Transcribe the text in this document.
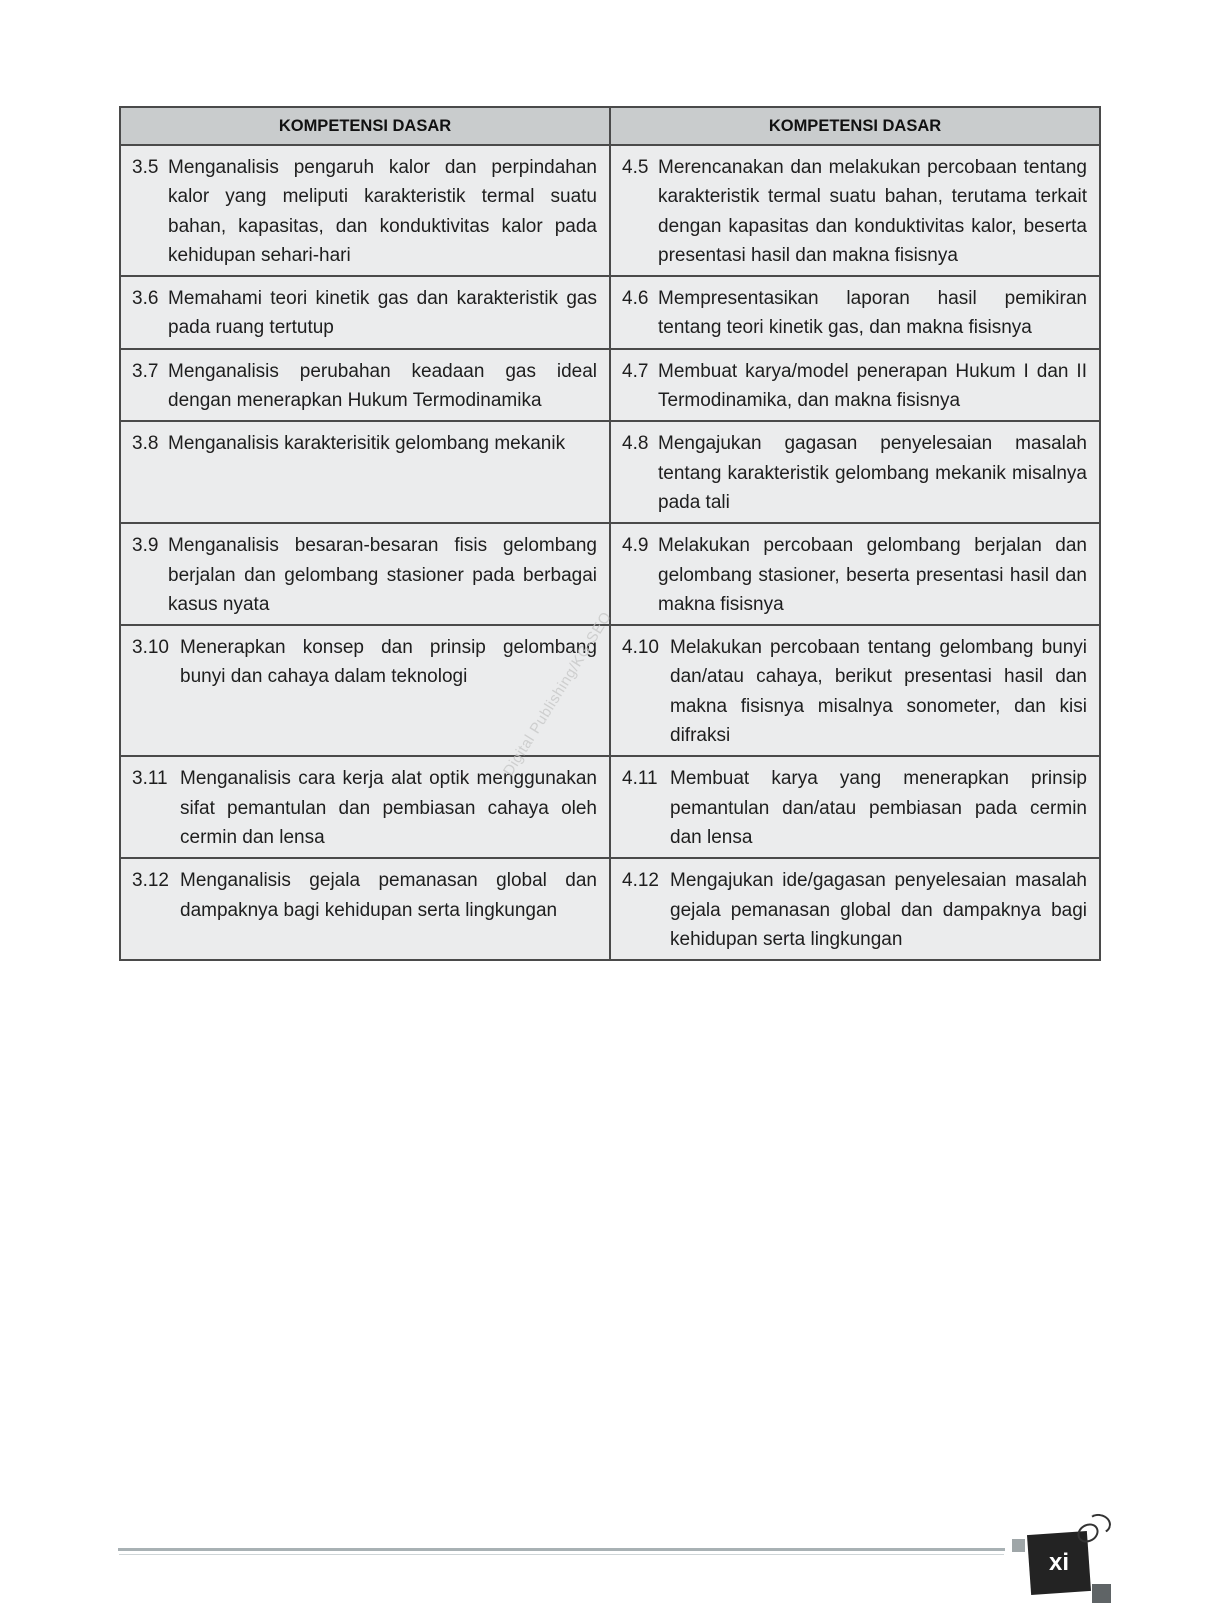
KOMPETENSI DASAR	KOMPETENSI DASAR

3.5 Menganalisis pengaruh kalor dan perpindahan kalor yang meliputi karakteristik termal suatu bahan, kapasitas, dan konduktivitas kalor pada kehidupan sehari-hari	4.5 Merencanakan dan melakukan percobaan tentang karakteristik termal suatu bahan, terutama terkait dengan kapasitas dan konduktivitas kalor, beserta presentasi hasil dan makna fisisnya

3.6 Memahami teori kinetik gas dan karakteristik gas pada ruang tertutup	4.6 Mempresentasikan laporan hasil pemikiran tentang teori kinetik gas, dan makna fisisnya

3.7 Menganalisis perubahan keadaan gas ideal dengan menerapkan Hukum Termodinamika	4.7 Membuat karya/model penerapan Hukum I dan II Termodinamika, dan makna fisisnya

3.8 Menganalisis karakterisitik gelombang mekanik	4.8 Mengajukan gagasan penyelesaian masalah tentang karakteristik gelombang mekanik misalnya pada tali

3.9 Menganalisis besaran-besaran fisis gelombang berjalan dan gelombang stasioner pada berbagai kasus nyata	4.9 Melakukan percobaan gelombang berjalan dan gelombang stasioner, beserta presentasi hasil dan makna fisisnya

3.10 Menerapkan konsep dan prinsip gelombang bunyi dan cahaya dalam teknologi	4.10 Melakukan percobaan tentang gelombang bunyi dan/atau cahaya, berikut presentasi hasil dan makna fisisnya misalnya sonometer, dan kisi difraksi

3.11 Menganalisis cara kerja alat optik menggunakan sifat pemantulan dan pembiasan cahaya oleh cermin dan lensa	4.11 Membuat karya yang menerapkan prinsip pemantulan dan/atau pembiasan pada cermin dan lensa

3.12 Menganalisis gejala pemanasan global dan dampaknya bagi kehidupan serta lingkungan	4.12 Mengajukan ide/gagasan penyelesaian masalah gejala pemanasan global dan dampaknya bagi kehidupan serta lingkungan
Digital Publishing/KG-SEO
xi
